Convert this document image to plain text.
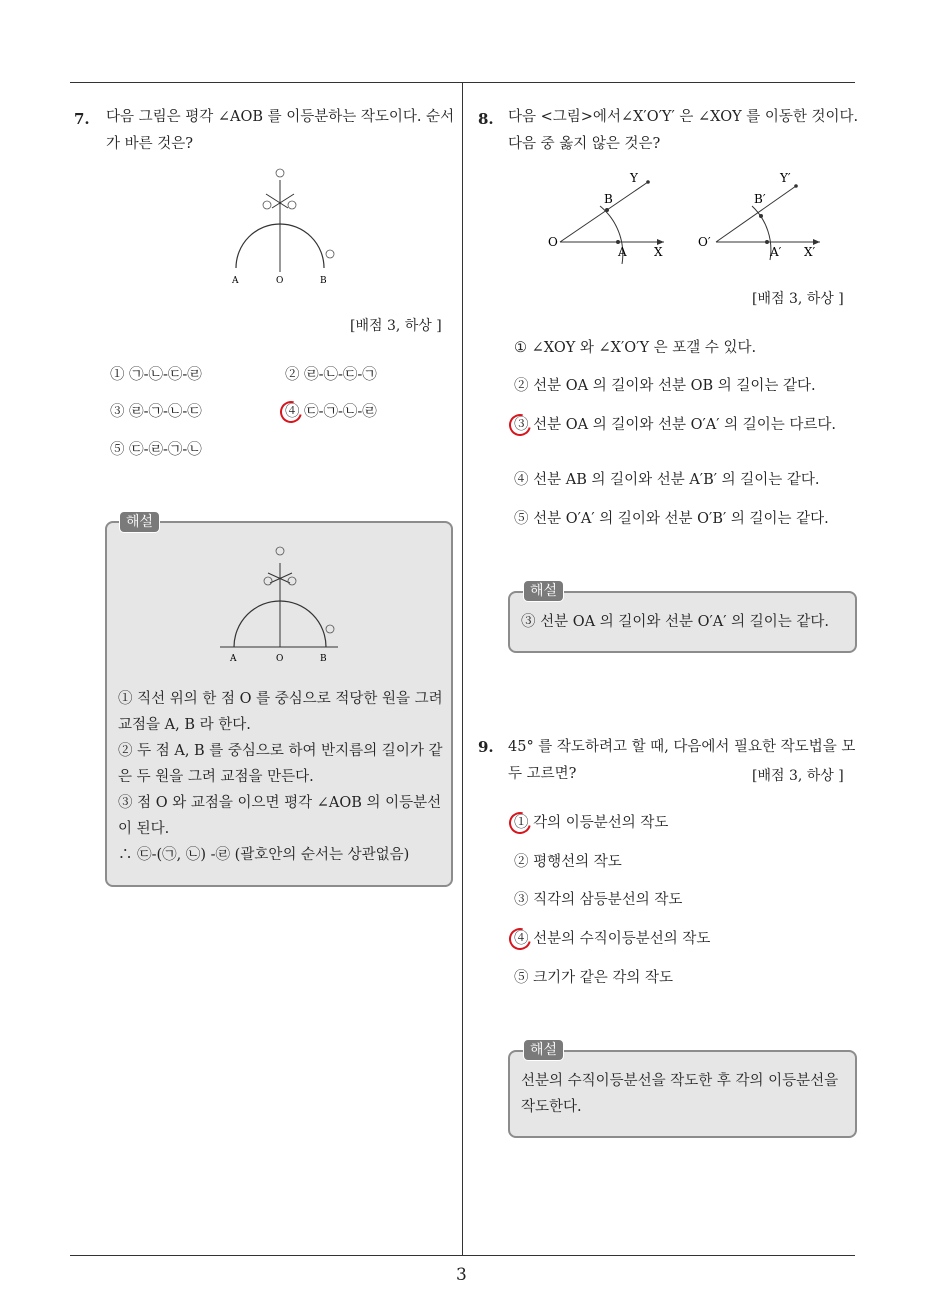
3
7. 다음 그림은 평각 ∠AOB 를 이등분하는 작도이다. 순서가 바른 것은?
A	O	B
[배점 3, 하상 ]
① ㉠-㉡-㉢-㉣	② ㉣-㉡-㉢-㉠
③ ㉣-㉠-㉡-㉢	④ ㉢-㉠-㉡-㉣
⑤ ㉢-㉣-㉠-㉡
해설
A	O	B
① 직선 위의 한 점 O 를 중심으로 적당한 원을 그려 교점을 A, B 라 한다.
② 두 점 A, B 를 중심으로 하여 반지름의 길이가 같은 두 원을 그려 교점을 만든다.
③ 점 O 와 교점을 이으면 평각 ∠AOB 의 이등분선이 된다.
∴ ㉢-(㉠, ㉡) -㉣ (괄호안의 순서는 상관없음)
8. 다음 <그림>에서∠X′O′Y′ 은 ∠XOY 를 이동한 것이다. 다음 중 옳지 않은 것은?
O
B
A X
Y
O′
B′
A′ X′
Y′
[배점 3, 하상 ]
① ∠XOY 와 ∠X′O′Y 은 포갤 수 있다.
② 선분 OA 의 길이와 선분 OB 의 길이는 같다.
③ 선분 OA 의 길이와 선분 O′A′ 의 길이는 다르다.
④ 선분 AB 의 길이와 선분 A′B′ 의 길이는 같다.
⑤ 선분 O′A′ 의 길이와 선분 O′B′ 의 길이는 같다.
해설
③ 선분 OA 의 길이와 선분 O′A′ 의 길이는 같다.
9. 45° 를 작도하려고 할 때, 다음에서 필요한 작도법을 모두 고르면?	[배점 3, 하상 ]
① 각의 이등분선의 작도
② 평행선의 작도
③ 직각의 삼등분선의 작도
④ 선분의 수직이등분선의 작도
⑤ 크기가 같은 각의 작도
해설
선분의 수직이등분선을 작도한 후 각의 이등분선을 작도한다.
